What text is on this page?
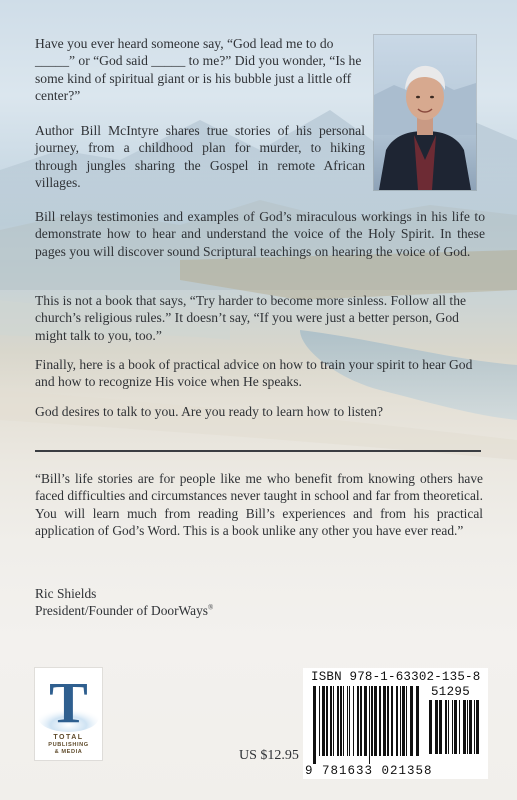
Have you ever heard someone say, “God lead me to do _____” or “God said _____ to me?” Did you wonder, “Is he some kind of spiritual giant or is his bubble just a little off center?”
Author Bill McIntyre shares true stories of his personal journey, from a childhood plan for murder, to hiking through jungles sharing the Gospel in remote African villages.
Bill relays testimonies and examples of God’s miraculous workings in his life to demonstrate how to hear and understand the voice of the Holy Spirit. In these pages you will discover sound Scriptural teachings on hearing the voice of God.
This is not a book that says, “Try harder to become more sinless. Follow all the church’s religious rules.” It doesn’t say, “If you were just a better person, God might talk to you, too.”
Finally, here is a book of practical advice on how to train your spirit to hear God and how to recognize His voice when He speaks.
God desires to talk to you. Are you ready to learn how to listen?
“Bill’s life stories are for people like me who benefit from knowing others have faced difficulties and circumstances never taught in school and far from theoretical. You will learn much from reading Bill’s experiences and from his practical application of God’s Word. This is a book unlike any other you have ever read.”
Ric Shields
President/Founder of DoorWays®
T
TOTAL
PUBLISHING
& MEDIA	US $12.95
ISBN 978-1-63302-135-8
51295
9 781633 021358
